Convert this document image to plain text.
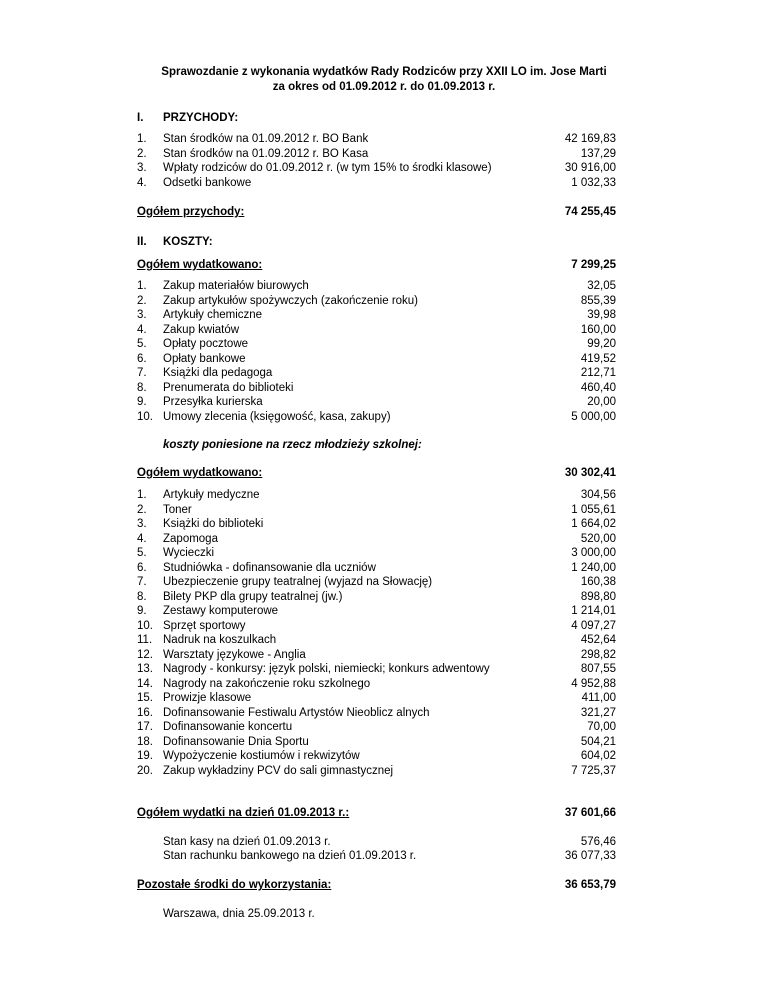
Sprawozdanie z wykonania wydatków Rady Rodziców przy XXII LO im. Jose Marti
za okres od 01.09.2012 r. do 01.09.2013 r.
I.	PRZYCHODY:
1.	Stan środków na 01.09.2012 r. BO Bank	42 169,83
2.	Stan środków na 01.09.2012 r. BO Kasa	137,29
3.	Wpłaty rodziców do 01.09.2012 r. (w tym 15% to środki klasowe)	30 916,00
4.	Odsetki bankowe	1 032,33
Ogółem przychody:	74 255,45
II.	KOSZTY:
Ogółem wydatkowano:	7 299,25
1.	Zakup materiałów biurowych	32,05
2.	Zakup artykułów spożywczych (zakończenie roku)	855,39
3.	Artykuły chemiczne	39,98
4.	Zakup kwiatów	160,00
5.	Opłaty pocztowe	99,20
6.	Opłaty bankowe	419,52
7.	Książki dla pedagoga	212,71
8.	Prenumerata do biblioteki	460,40
9.	Przesyłka kurierska	20,00
10. Umowy zlecenia (księgowość, kasa, zakupy)	5 000,00
koszty poniesione na rzecz młodzieży szkolnej:
Ogółem wydatkowano:	30 302,41
1.	Artykuły medyczne	304,56
2.	Toner	1 055,61
3.	Książki do biblioteki	1 664,02
4.	Zapomoga	520,00
5.	Wycieczki	3 000,00
6.	Studniówka - dofinansowanie dla uczniów	1 240,00
7.	Ubezpieczenie grupy teatralnej (wyjazd na Słowację)	160,38
8.	Bilety PKP dla grupy teatralnej (jw.)	898,80
9.	Zestawy komputerowe	1 214,01
10. Sprzęt sportowy	4 097,27
11. Nadruk na koszulkach	452,64
12. Warsztaty językowe - Anglia	298,82
13. Nagrody - konkursy: język polski, niemiecki; konkurs adwentowy	807,55
14. Nagrody na zakończenie roku szkolnego	4 952,88
15. Prowizje klasowe	411,00
16. Dofinansowanie Festiwalu Artystów Nieoblicz alnych	321,27
17. Dofinansowanie koncertu	70,00
18. Dofinansowanie Dnia Sportu	504,21
19. Wypożyczenie kostiumów i rekwizytów	604,02
20. Zakup wykładziny PCV do sali gimnastycznej	7 725,37
Ogółem wydatki na dzień 01.09.2013 r.:	37 601,66
Stan kasy na dzień 01.09.2013 r.	576,46
Stan rachunku bankowego na dzień 01.09.2013 r.	36 077,33
Pozostałe środki do wykorzystania:	36 653,79
Warszawa, dnia 25.09.2013 r.
